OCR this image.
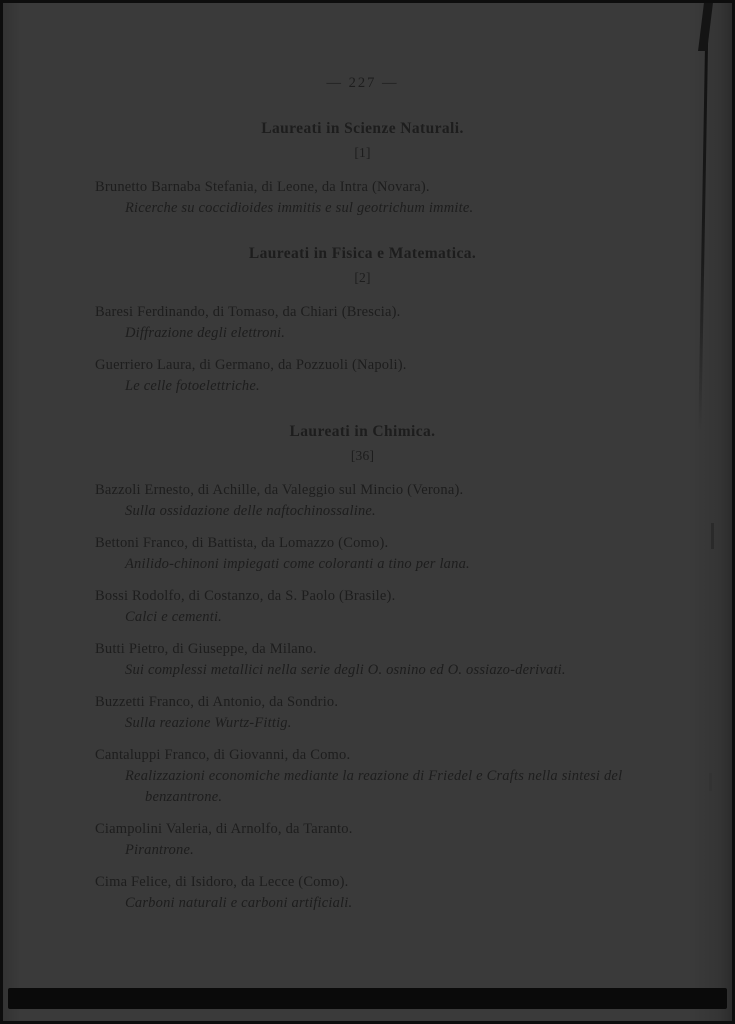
— 227 —
Laureati in Scienze Naturali.
[1]
Brunetto Barnaba Stefania, di Leone, da Intra (Novara).
Ricerche su coccidioides immitis e sul geotrichum immite.
Laureati in Fisica e Matematica.
[2]
Baresi Ferdinando, di Tomaso, da Chiari (Brescia).
Diffrazione degli elettroni.
Guerriero Laura, di Germano, da Pozzuoli (Napoli).
Le celle fotoelettriche.
Laureati in Chimica.
[36]
Bazzoli Ernesto, di Achille, da Valeggio sul Mincio (Verona).
Sulla ossidazione delle naftochinossaline.
Bettoni Franco, di Battista, da Lomazzo (Como).
Anilido-chinoni impiegati come coloranti a tino per lana.
Bossi Rodolfo, di Costanzo, da S. Paolo (Brasile).
Calci e cementi.
Butti Pietro, di Giuseppe, da Milano.
Sui complessi metallici nella serie degli O. osnino ed O. ossiazo-derivati.
Buzzetti Franco, di Antonio, da Sondrio.
Sulla reazione Wurtz-Fittig.
Cantaluppi Franco, di Giovanni, da Como.
Realizzazioni economiche mediante la reazione di Friedel e Crafts nella sintesi del benzantrone.
Ciampolini Valeria, di Arnolfo, da Taranto.
Pirantrone.
Cima Felice, di Isidoro, da Lecce (Como).
Carboni naturali e carboni artificiali.
